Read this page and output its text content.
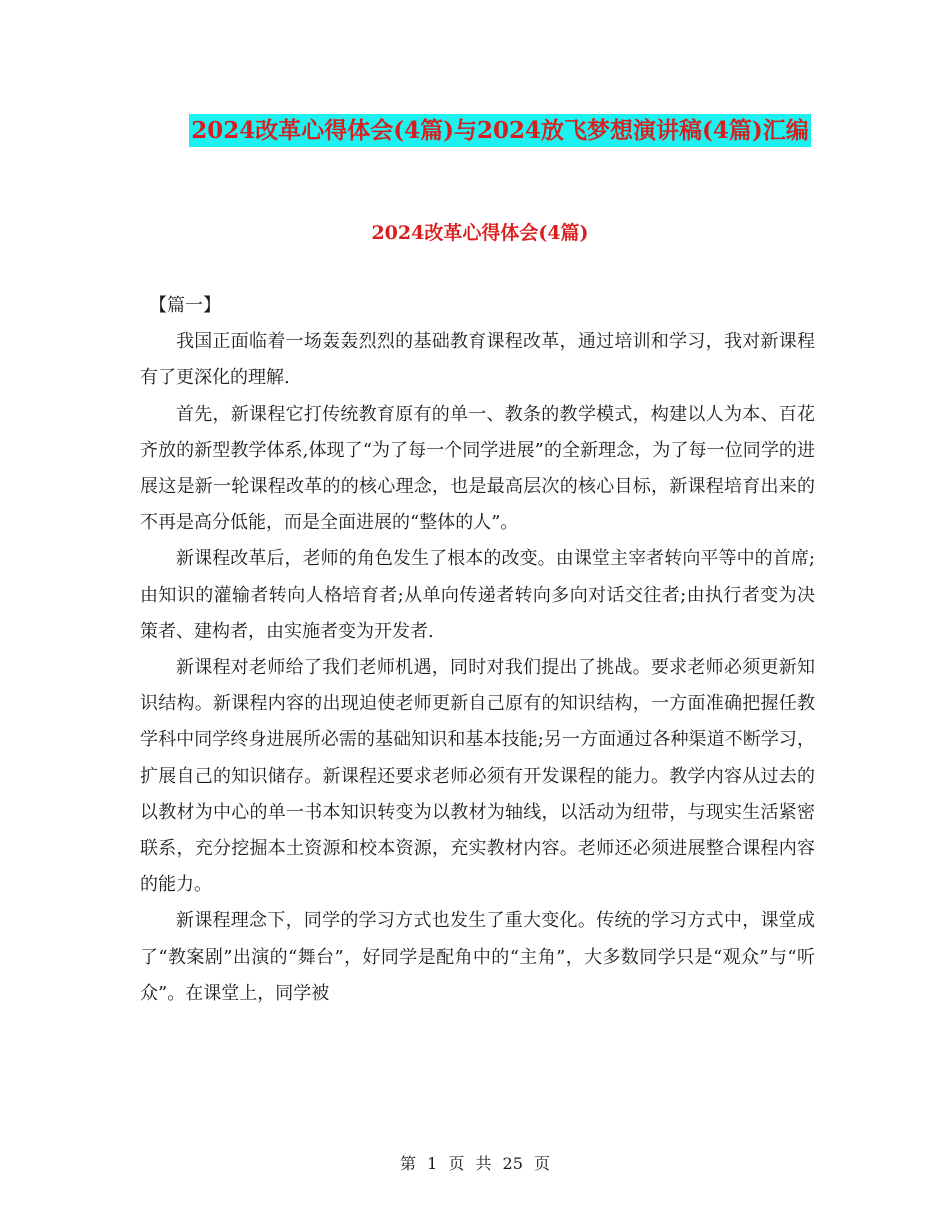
2024改革心得体会(4篇)与2024放飞梦想演讲稿(4篇)汇编
2024改革心得体会(4篇)

【篇一】

我国正面临着一场轰轰烈烈的基础教育课程改革，通过培训和学习，我对新课程有了更深化的理解.

首先，新课程它打传统教育原有的单一、教条的教学模式，构建以人为本、百花齐放的新型教学体系,体现了“为了每一个同学进展”的全新理念，为了每一位同学的进展这是新一轮课程改革的的核心理念，也是最高层次的核心目标，新课程培育出来的不再是高分低能，而是全面进展的“整体的人”。

新课程改革后，老师的角色发生了根本的改变。由课堂主宰者转向平等中的首席;由知识的灌输者转向人格培育者;从单向传递者转向多向对话交往者;由执行者变为决策者、建构者，由实施者变为开发者.

新课程对老师给了我们老师机遇，同时对我们提出了挑战。要求老师必须更新知识结构。新课程内容的出现迫使老师更新自己原有的知识结构，一方面准确把握任教学科中同学终身进展所必需的基础知识和基本技能;另一方面通过各种渠道不断学习，扩展自己的知识储存。新课程还要求老师必须有开发课程的能力。教学内容从过去的以教材为中心的单一书本知识转变为以教材为轴线，以活动为纽带，与现实生活紧密联系，充分挖掘本土资源和校本资源，充实教材内容。老师还必须进展整合课程内容的能力。

新课程理念下，同学的学习方式也发生了重大变化。传统的学习方式中，课堂成了“教案剧”出演的“舞台”，好同学是配角中的“主角”，大多数同学只是“观众”与“听众”。在课堂上，同学被

第 1 页 共 25 页
